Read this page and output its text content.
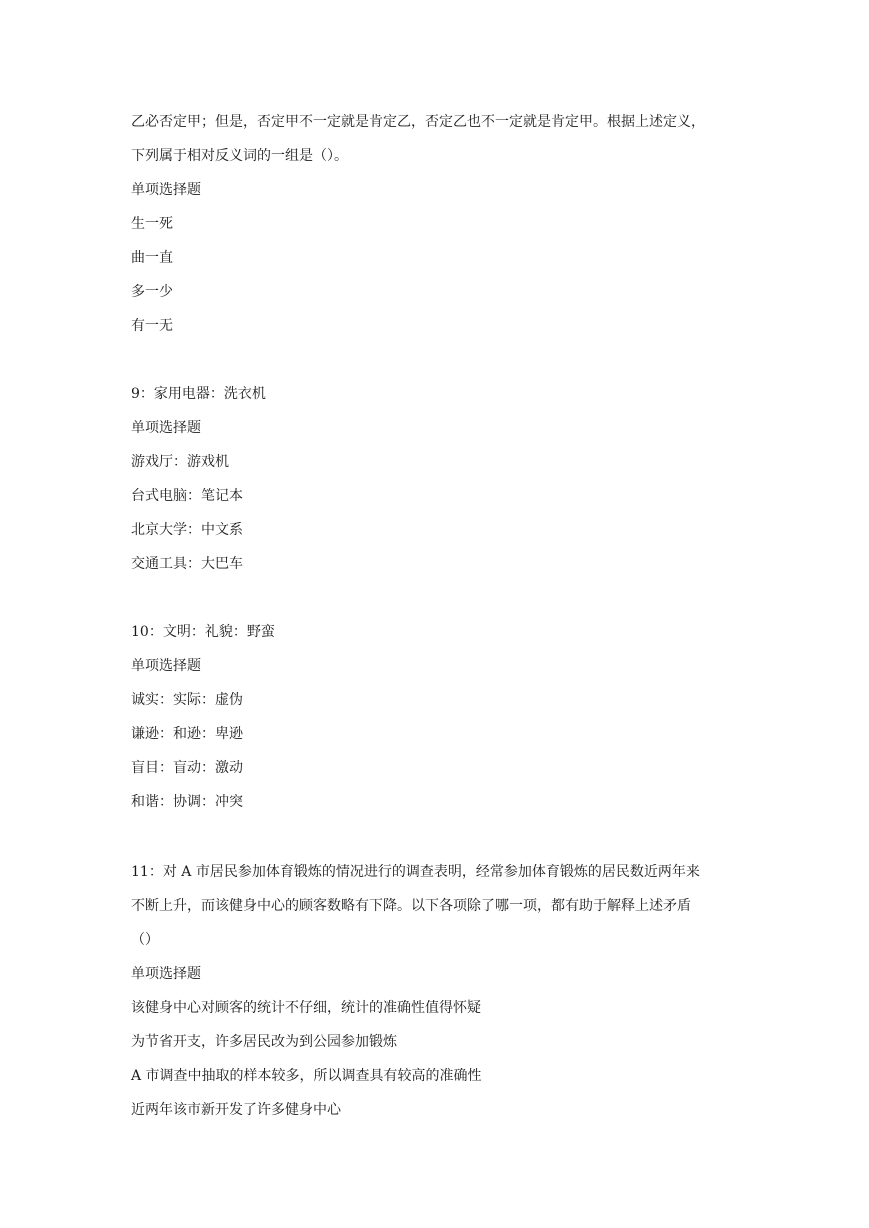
乙必否定甲；但是，否定甲不一定就是肯定乙，否定乙也不一定就是肯定甲。根据上述定义，
下列属于相对反义词的一组是（）。
单项选择题
生一死
曲一直
多一少
有一无
9：家用电器：洗衣机
单项选择题
游戏厅：游戏机
台式电脑：笔记本
北京大学：中文系
交通工具：大巴车
10：文明：礼貌：野蛮
单项选择题
诚实：实际：虚伪
谦逊：和逊：卑逊
盲目：盲动：激动
和谐：协调：冲突
11：对 A 市居民参加体育锻炼的情况进行的调查表明，经常参加体育锻炼的居民数近两年来
不断上升，而该健身中心的顾客数略有下降。以下各项除了哪一项，都有助于解释上述矛盾
（）
单项选择题
该健身中心对顾客的统计不仔细，统计的准确性值得怀疑
为节省开支，许多居民改为到公园参加锻炼
A 市调查中抽取的样本较多，所以调查具有较高的准确性
近两年该市新开发了许多健身中心
